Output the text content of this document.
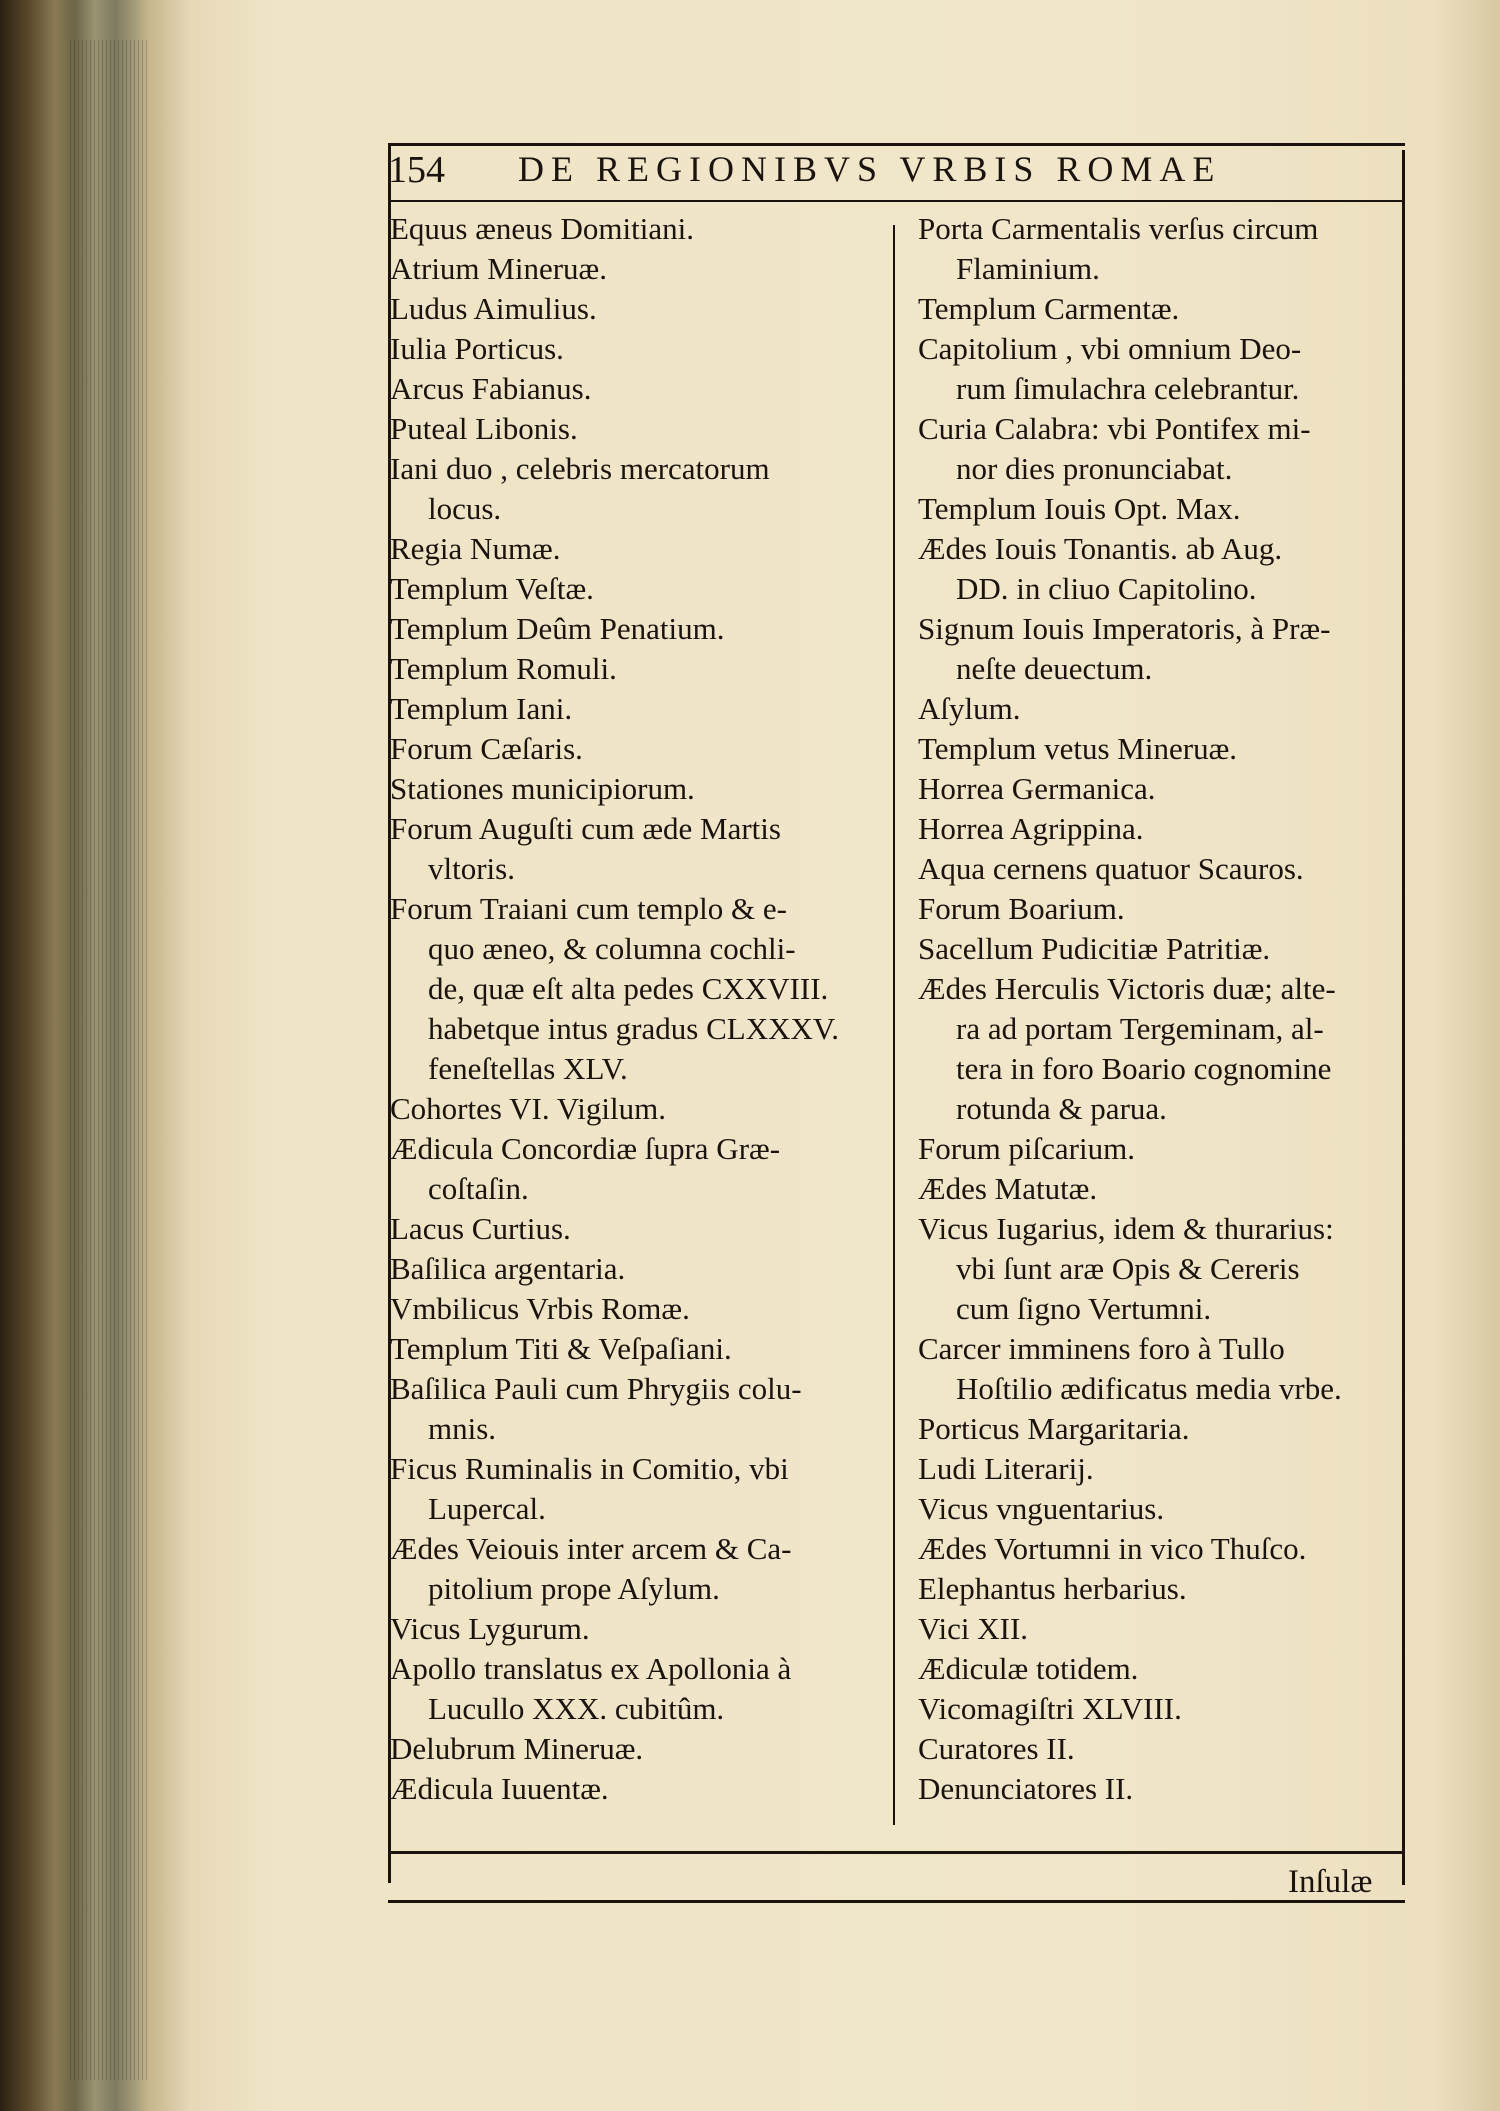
154 DE REGIONIBVS VRBIS ROMAE
Equus æneus Domitiani.
Atrium Mineruæ.
Ludus Aimulius.
Iulia Porticus.
Arcus Fabianus.
Puteal Libonis.
Iani duo , celebris mercatorum
locus.
Regia Numæ.
Templum Veſtæ.
Templum Deûm Penatium.
Templum Romuli.
Templum Iani.
Forum Cæſaris.
Stationes municipiorum.
Forum Auguſti cum æde Martis
vltoris.
Forum Traiani cum templo & e-
quo æneo, & columna cochli-
de, quæ eſt alta pedes CXXVIII.
habetque intus gradus CLXXXV.
feneſtellas XLV.
Cohortes VI. Vigilum.
Ædicula Concordiæ ſupra Græ-
coſtaſin.
Lacus Curtius.
Baſilica argentaria.
Vmbilicus Vrbis Romæ.
Templum Titi & Veſpaſiani.
Baſilica Pauli cum Phrygiis colu-
mnis.
Ficus Ruminalis in Comitio, vbi
Lupercal.
Ædes Veiouis inter arcem & Ca-
pitolium prope Aſylum.
Vicus Lygurum.
Apollo translatus ex Apollonia à
Lucullo XXX. cubitûm.
Delubrum Mineruæ.
Ædicula Iuuentæ.
Porta Carmentalis verſus circum
Flaminium.
Templum Carmentæ.
Capitolium , vbi omnium Deo-
rum ſimulachra celebrantur.
Curia Calabra: vbi Pontifex mi-
nor dies pronunciabat.
Templum Iouis Opt. Max.
Ædes Iouis Tonantis. ab Aug.
DD. in cliuo Capitolino.
Signum Iouis Imperatoris, à Præ-
neſte deuectum.
Aſylum.
Templum vetus Mineruæ.
Horrea Germanica.
Horrea Agrippina.
Aqua cernens quatuor Scauros.
Forum Boarium.
Sacellum Pudicitiæ Patritiæ.
Ædes Herculis Victoris duæ; alte-
ra ad portam Tergeminam, al-
tera in foro Boario cognomine
rotunda & parua.
Forum piſcarium.
Ædes Matutæ.
Vicus Iugarius, idem & thurarius:
vbi ſunt aræ Opis & Cereris
cum ſigno Vertumni.
Carcer imminens foro à Tullo
Hoſtilio ædificatus media vrbe.
Porticus Margaritaria.
Ludi Literarij.
Vicus vnguentarius.
Ædes Vortumni in vico Thuſco.
Elephantus herbarius.
Vici XII.
Ædiculæ totidem.
Vicomagiſtri XLVIII.
Curatores II.
Denunciatores II.
Inſulæ
